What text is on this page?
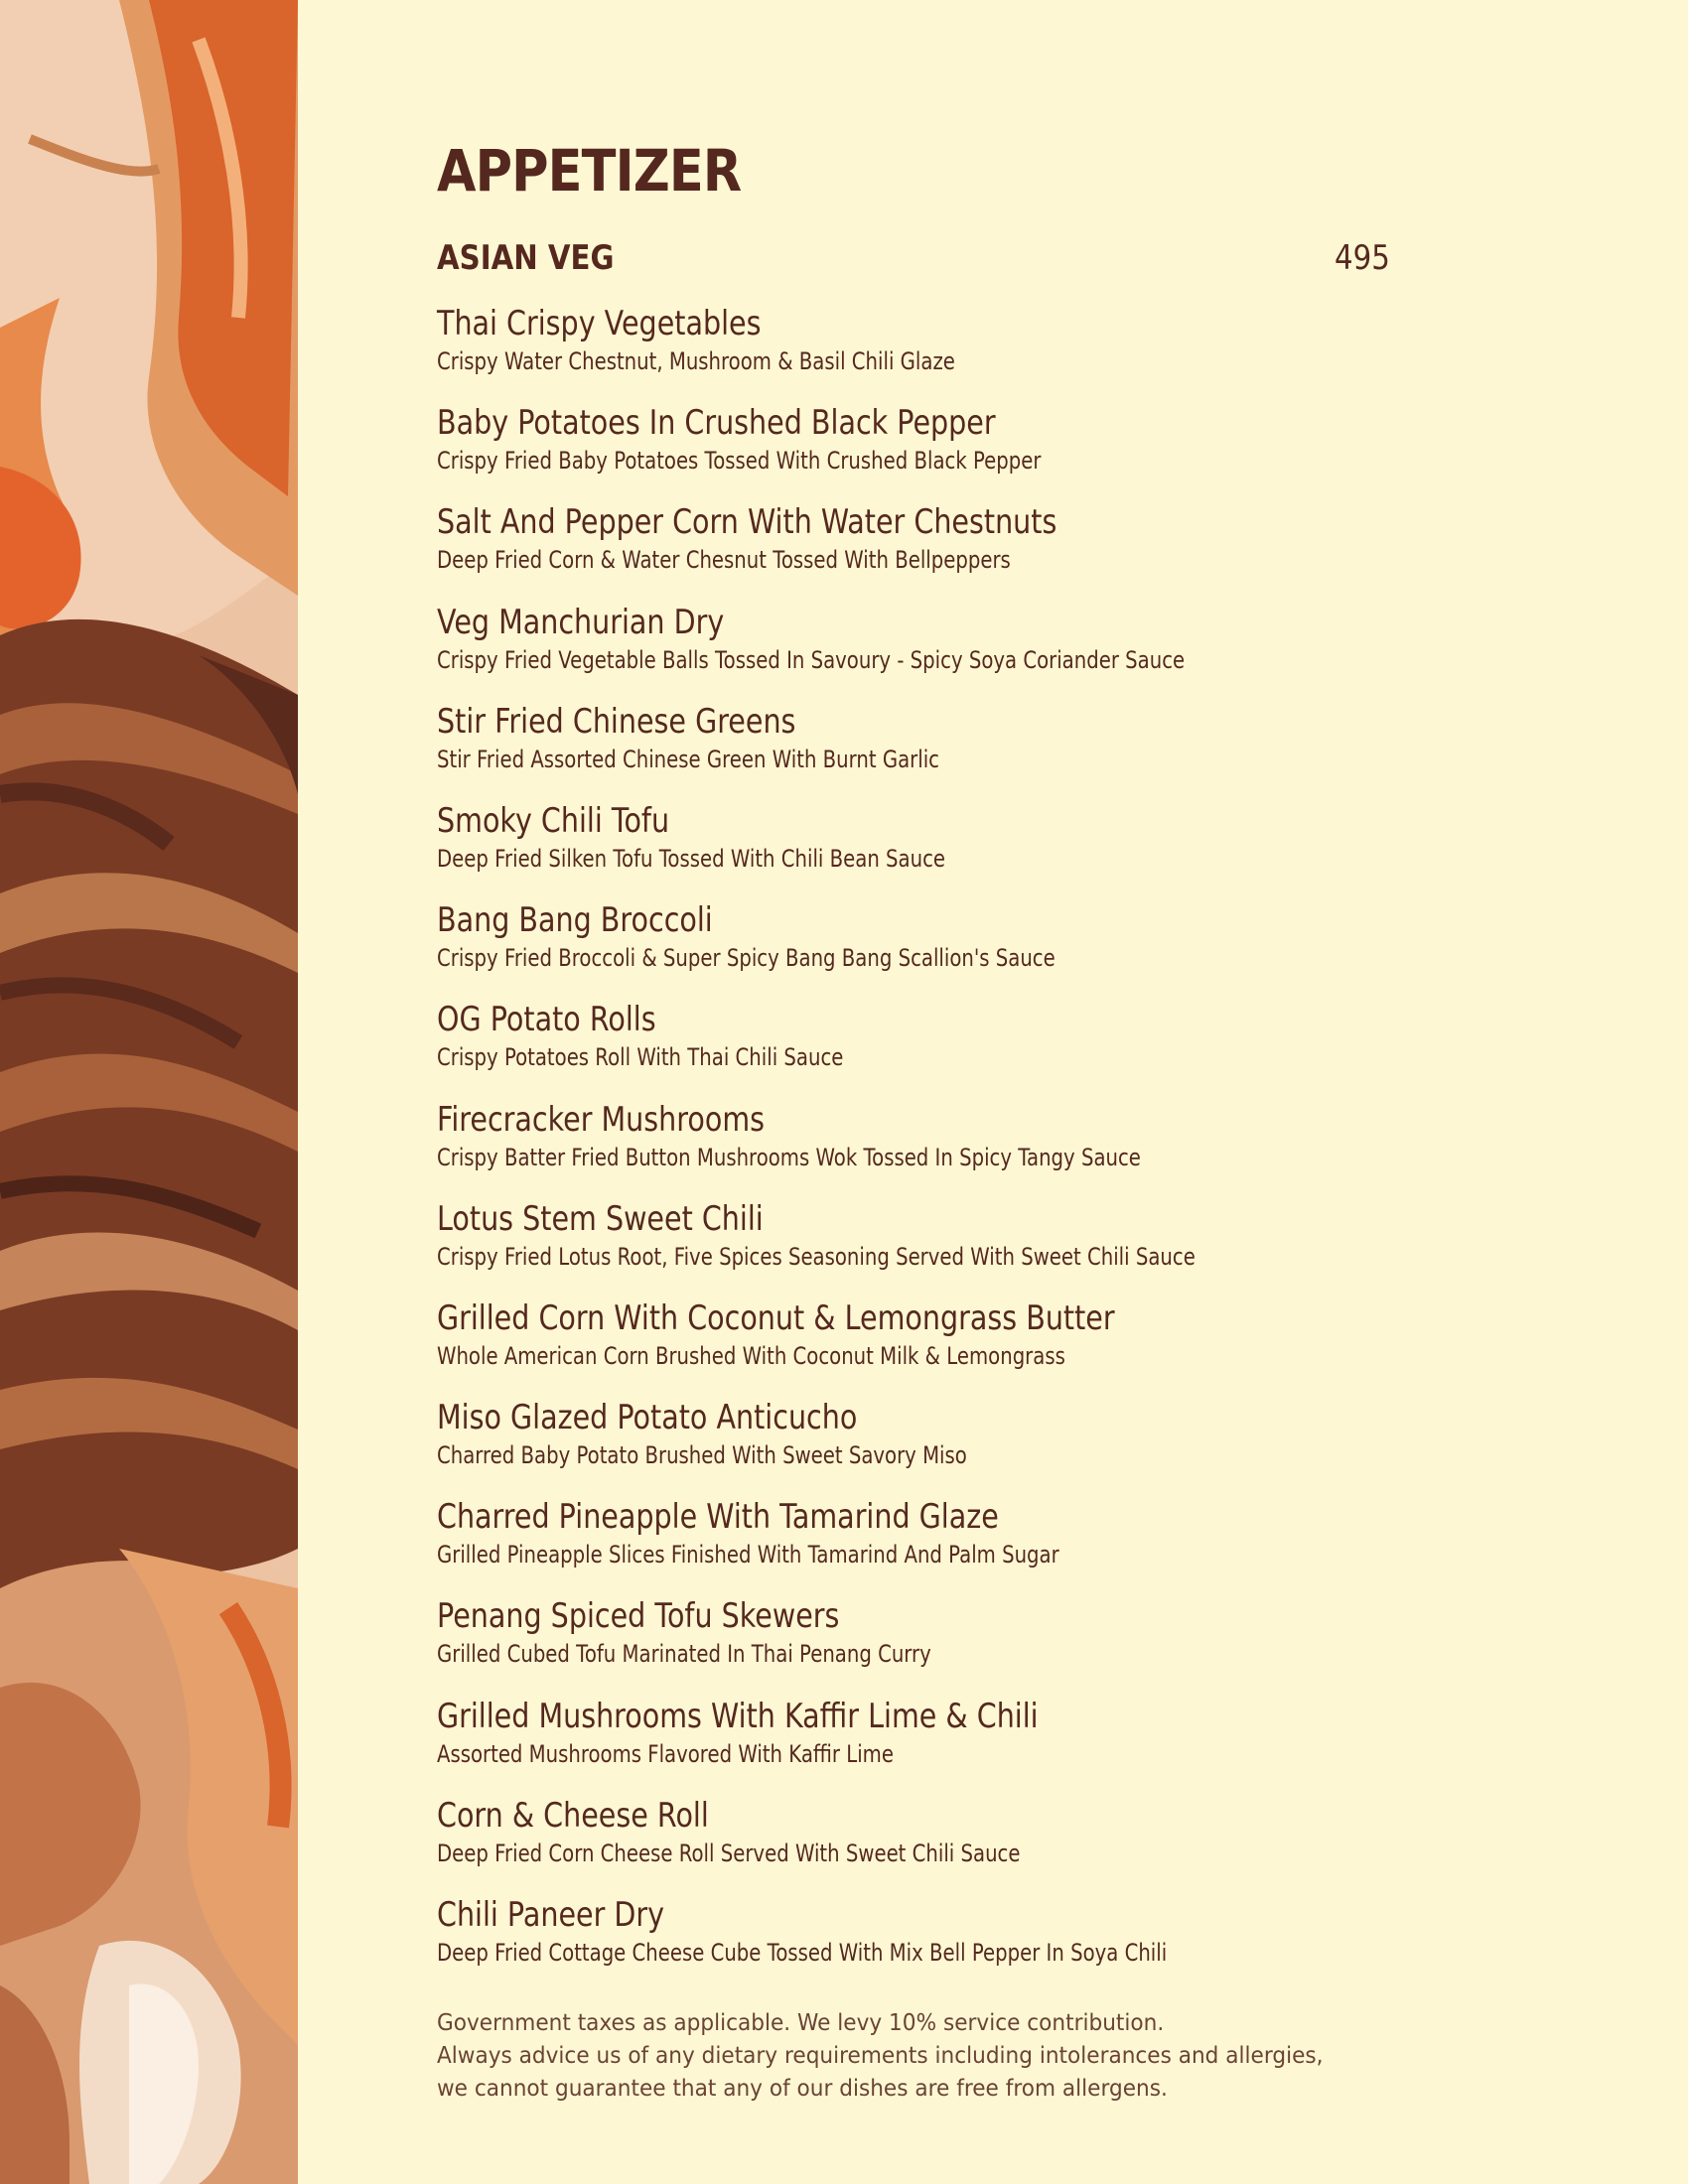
APPETIZER
ASIAN VEG	495
Thai Crispy Vegetables
Crispy Water Chestnut, Mushroom & Basil Chili Glaze
Baby Potatoes In Crushed Black Pepper
Crispy Fried Baby Potatoes Tossed With Crushed Black Pepper
Salt And Pepper Corn With Water Chestnuts
Deep Fried Corn & Water Chesnut Tossed With Bellpeppers
Veg Manchurian Dry
Crispy Fried Vegetable Balls Tossed In Savoury - Spicy Soya Coriander Sauce
Stir Fried Chinese Greens
Stir Fried Assorted Chinese Green With Burnt Garlic
Smoky Chili Tofu
Deep Fried Silken Tofu Tossed With Chili Bean Sauce
Bang Bang Broccoli
Crispy Fried Broccoli & Super Spicy Bang Bang Scallion's Sauce
OG Potato Rolls
Crispy Potatoes Roll With Thai Chili Sauce
Firecracker Mushrooms
Crispy Batter Fried Button Mushrooms Wok Tossed In Spicy Tangy Sauce
Lotus Stem Sweet Chili
Crispy Fried Lotus Root, Five Spices Seasoning Served With Sweet Chili Sauce
Grilled Corn With Coconut & Lemongrass Butter
Whole American Corn Brushed With Coconut Milk & Lemongrass
Miso Glazed Potato Anticucho
Charred Baby Potato Brushed With Sweet Savory Miso
Charred Pineapple With Tamarind Glaze
Grilled Pineapple Slices Finished With Tamarind And Palm Sugar
Penang Spiced Tofu Skewers
Grilled Cubed Tofu Marinated In Thai Penang Curry
Grilled Mushrooms With Kaffir Lime & Chili
Assorted Mushrooms Flavored With Kaffir Lime
Corn & Cheese Roll
Deep Fried Corn Cheese Roll Served With Sweet Chili Sauce
Chili Paneer Dry
Deep Fried Cottage Cheese Cube Tossed With Mix Bell Pepper In Soya Chili
Government taxes as applicable. We levy 10% service contribution.
Always advice us of any dietary requirements including intolerances and allergies,
we cannot guarantee that any of our dishes are free from allergens.
